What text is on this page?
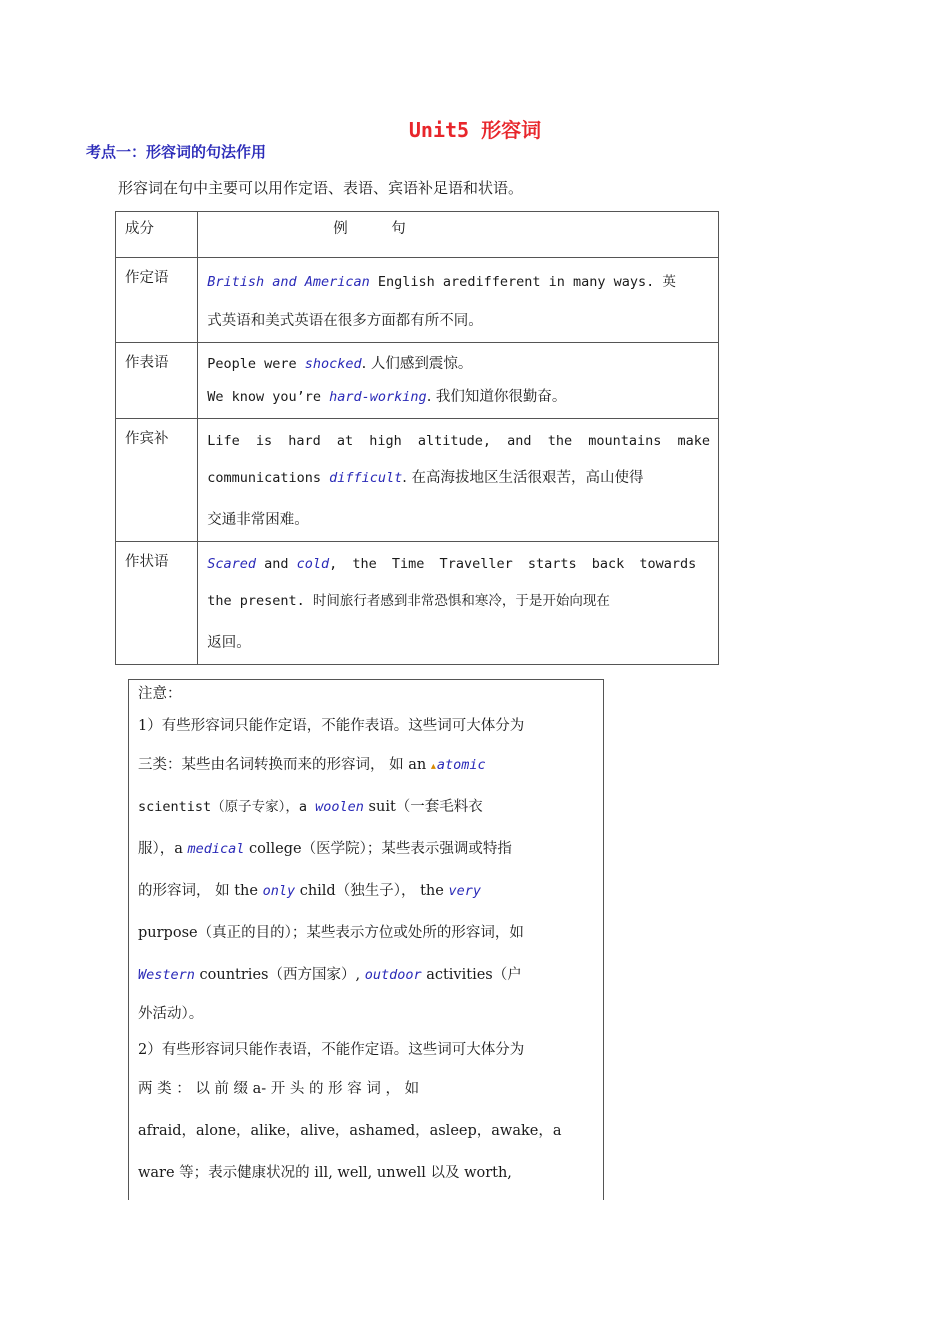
Unit5 形容词
考点一：形容词的句法作用
形容词在句中主要可以用作定语、表语、宾语补足语和状语。
成分	例　　　句

作定语	British and American English aredifferent in many ways. 英
式英语和美式英语在很多方面都有所不同。

作表语	People were shocked. 人们感到震惊。
We know you’re hard-working. 我们知道你很勤奋。

作宾补	Life is hard at high altitude, and the mountains make
communications difficult. 在高海拔地区生活很艰苦，高山使得
交通非常困难。

作状语	Scared and cold, the Time Traveller starts back towards
the present. 时间旅行者感到非常恐惧和寒冷，于是开始向现在
返回。
注意：
1）有些形容词只能作定语，不能作表语。这些词可大体分为
三类：某些由名词转换而来的形容词， 如 an ▴atomic
scientist（原子专家），a woolen suit（一套毛料衣
服），a medical college（医学院）；某些表示强调或特指
的形容词， 如 the only child（独生子）， the very
purpose（真正的目的）；某些表示方位或处所的形容词，如
Western countries（西方国家）, outdoor activities（户
外活动）。
2）有些形容词只能作表语，不能作定语。这些词可大体分为
两 类 ： 以 前 缀 a- 开 头 的 形 容 词 ， 如
afraid，alone，alike，alive，ashamed，asleep，awake，a
ware 等；表示健康状况的 ill, well, unwell 以及 worth,
